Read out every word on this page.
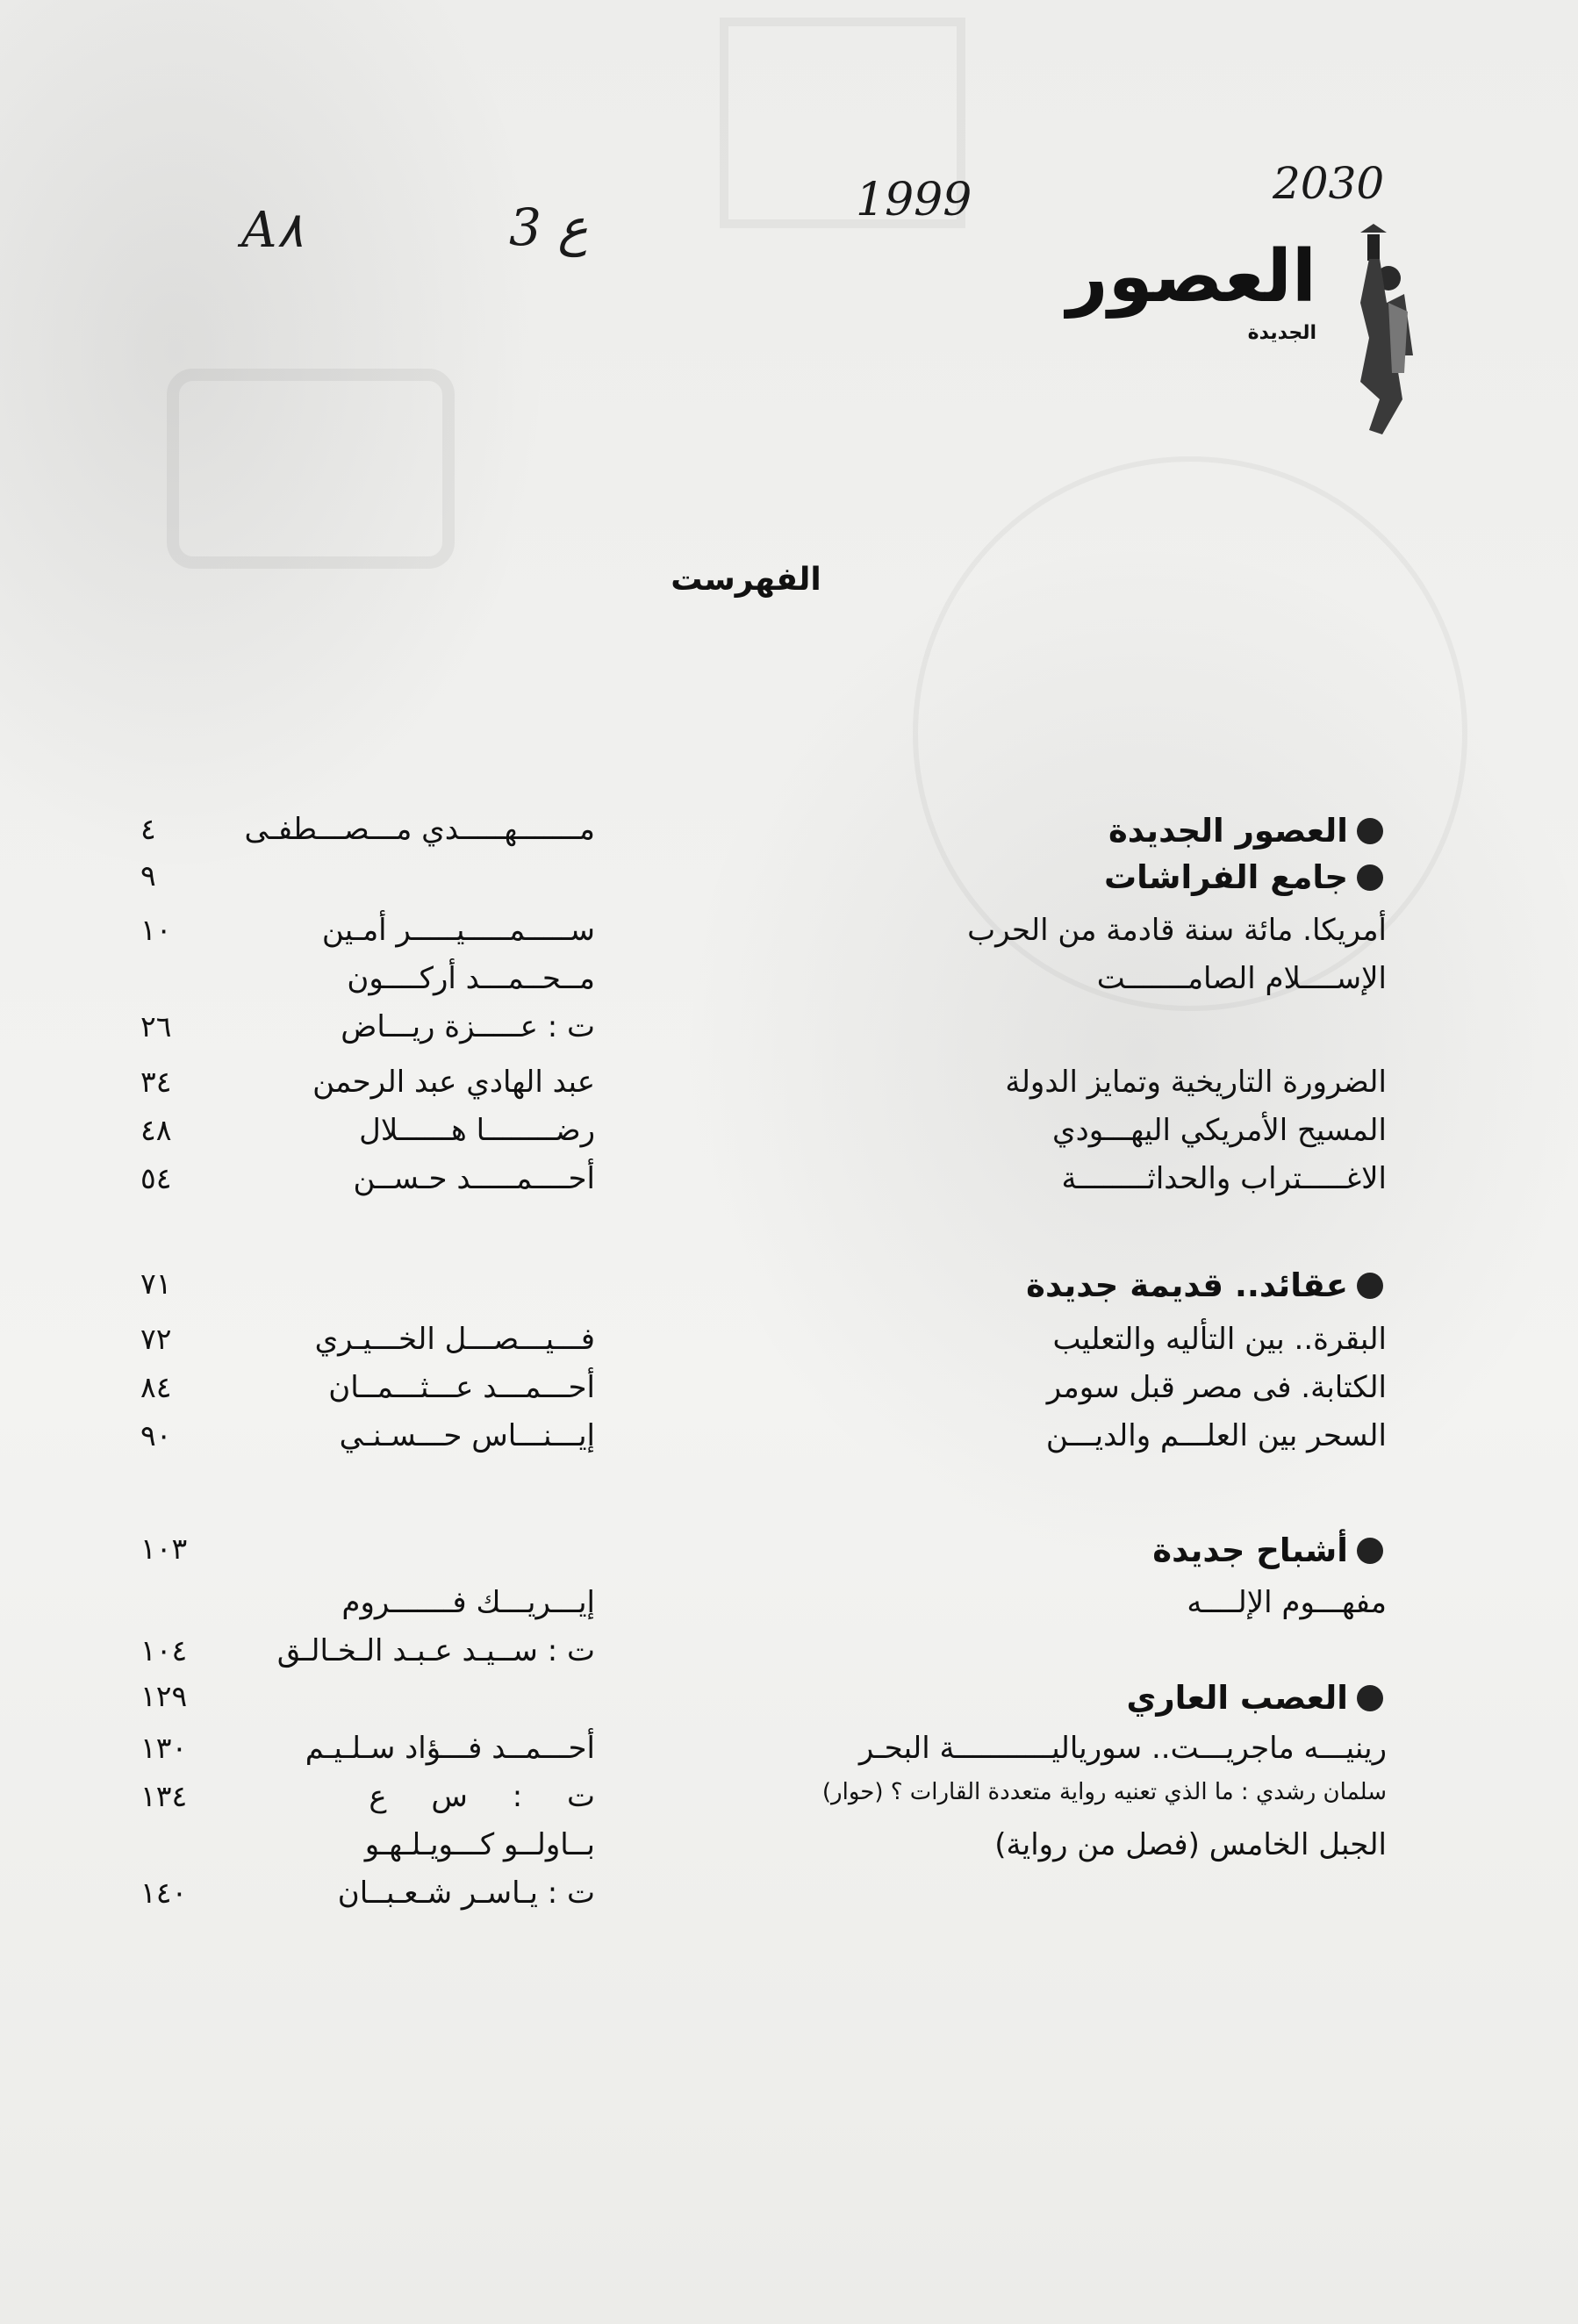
2030
1999
ع 3
A٨
العصور
الجديدة
الفهرست
العصور الجديدة
مـــــــهـــــدي مـــصـــطفـى
٤
جامع الفراشات
٩
أمريكا. مائة سنة قادمة من الحرب
ســـــمـــــيـــــر أمـين
١٠
الإســــلام الصامـــــــت
مــحــمـــد أركــــون
ت : عـــــزة ريـــاض
٢٦
الضرورة التاريخية وتمايز الدولة
عبد الهادي عبد الرحمن
٣٤
المسيح الأمريكي اليهـــودي
رضــــــــا هــــــلال
٤٨
الاغـــــتراب والحداثــــــــة
أحــــمـــــد حـســن
٥٤
عقائد.. قديمة جديدة
٧١
البقرة.. بين التأليه والتعليب
فـــيـــصـــل الخـــيـري
٧٢
الكتابة. فى مصر قبل سومر
أحـــمـــد عـــثـــمــان
٨٤
السحر بين العلـــم والديـــن
إيـــنـــاس حـــسـنـي
٩٠
أشباح جديدة
١٠٣
مفهـــوم الإلــــه
إيـــريـــك فـــــــروم
ت : ســيـد عـبـد الـخـالـق
١٠٤
العصب العاري
١٢٩
رينيـــه ماجريـــت.. سورياليـــــــــــة البحـر
أحـــمــد فـــؤاد سـلـيـم
١٣٠
سلمان رشدي : ما الذي تعنيه رواية متعددة القارات ؟ (حوار)
ت : س ع
١٣٤
الجبل الخامس (فصل من رواية)
بــاولــو كـــويـلـهـو
ت : يـاسـر شـعـبــان
١٤٠
